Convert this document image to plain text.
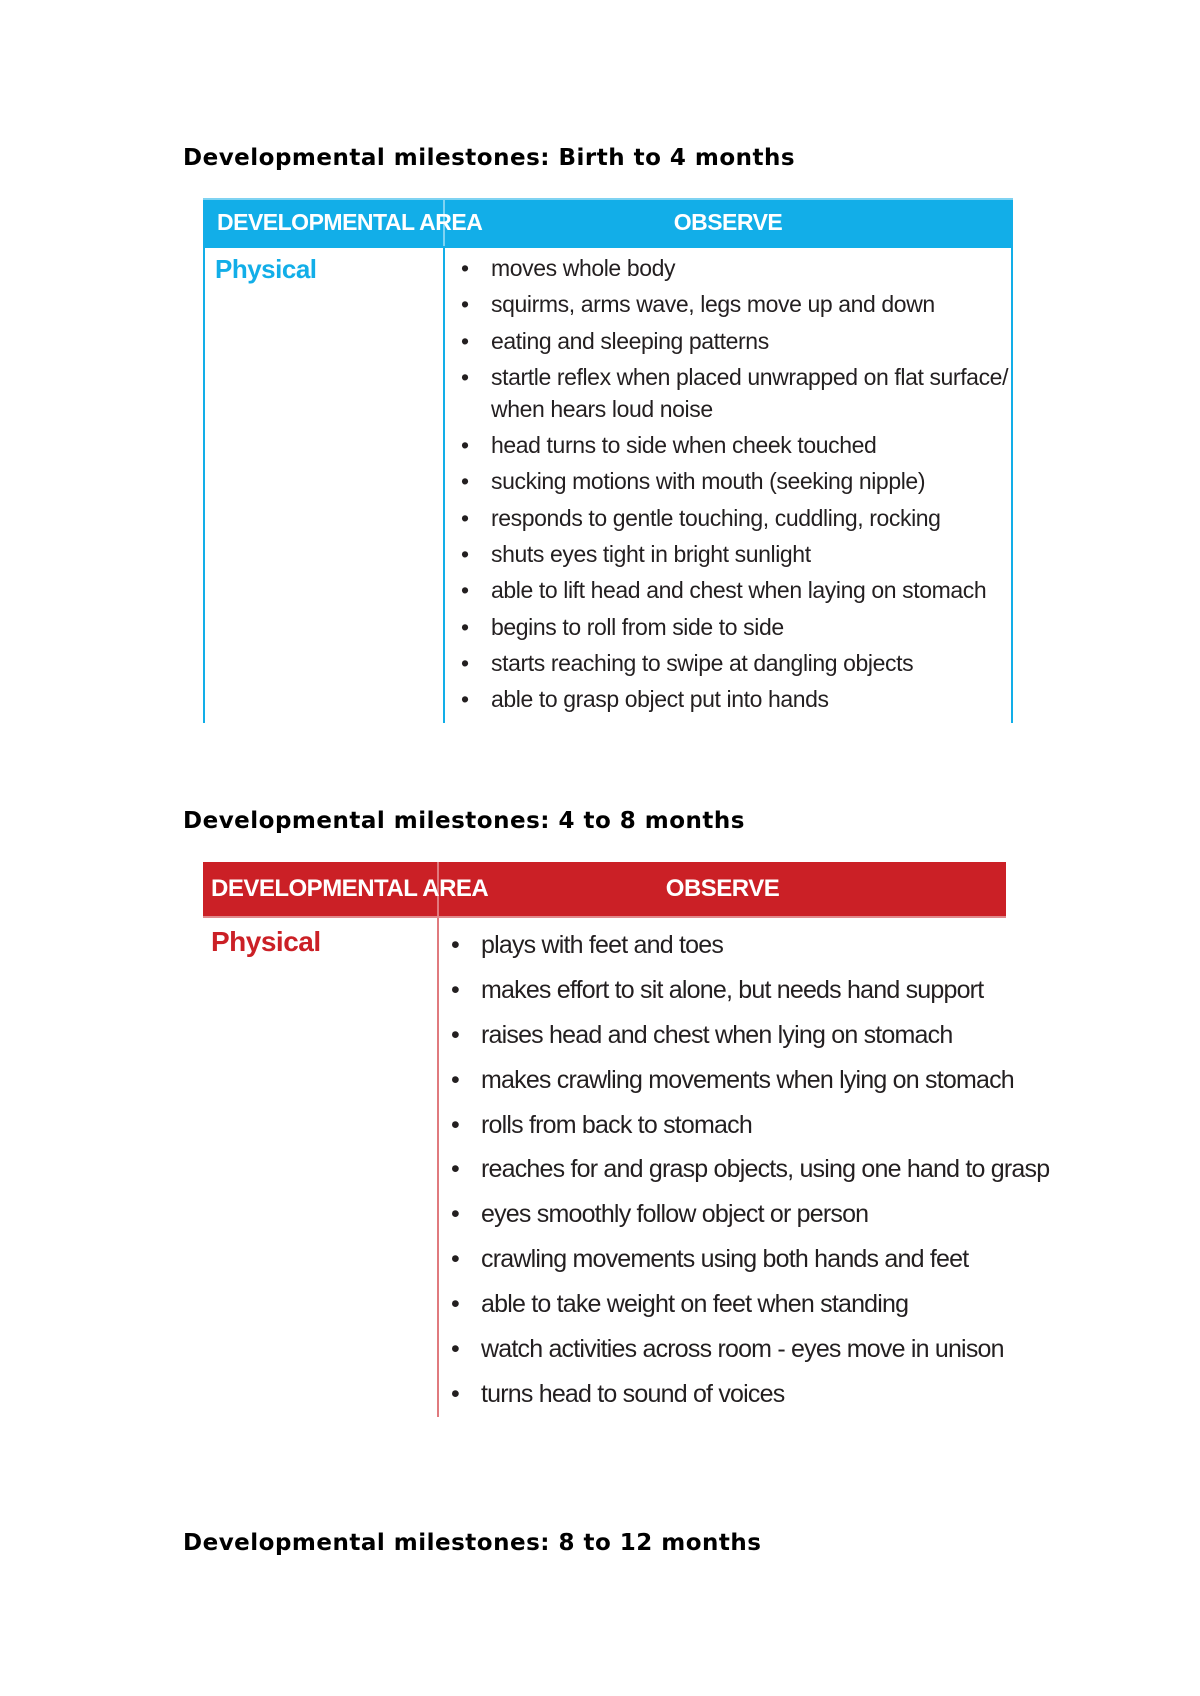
Developmental milestones: Birth to 4 months
DEVELOPMENTAL AREA	OBSERVE
Physical	• moves whole body
• squirms, arms wave, legs move up and down
• eating and sleeping patterns
• startle reflex when placed unwrapped on flat surface/
when hears loud noise
• head turns to side when cheek touched
• sucking motions with mouth (seeking nipple)
• responds to gentle touching, cuddling, rocking
• shuts eyes tight in bright sunlight
• able to lift head and chest when laying on stomach
• begins to roll from side to side
• starts reaching to swipe at dangling objects
• able to grasp object put into hands
Developmental milestones: 4 to 8 months
DEVELOPMENTAL AREA	OBSERVE
Physical	• plays with feet and toes
• makes effort to sit alone, but needs hand support
• raises head and chest when lying on stomach
• makes crawling movements when lying on stomach
• rolls from back to stomach
• reaches for and grasp objects, using one hand to grasp
• eyes smoothly follow object or person
• crawling movements using both hands and feet
• able to take weight on feet when standing
• watch activities across room - eyes move in unison
• turns head to sound of voices
Developmental milestones: 8 to 12 months
